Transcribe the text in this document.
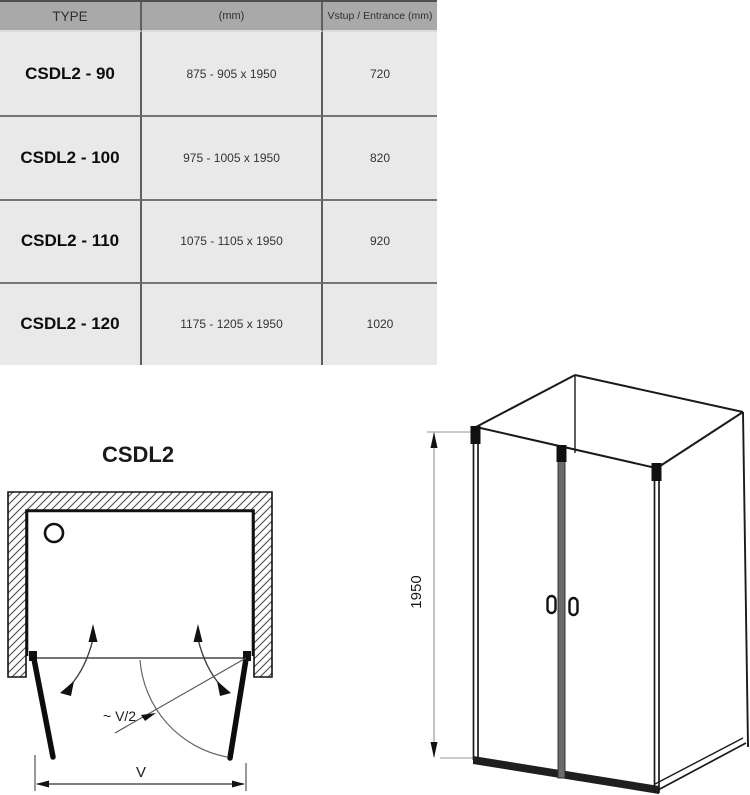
TYPE	(mm)	Vstup / Entrance (mm)
CSDL2 - 90	875 - 905 x 1950	720
CSDL2 - 100	975 - 1005 x 1950	820
CSDL2 - 110	1075 - 1105 x 1950	920
CSDL2 - 120	1175 - 1205 x 1950	1020
CSDL2
~ V/2
V
1950
